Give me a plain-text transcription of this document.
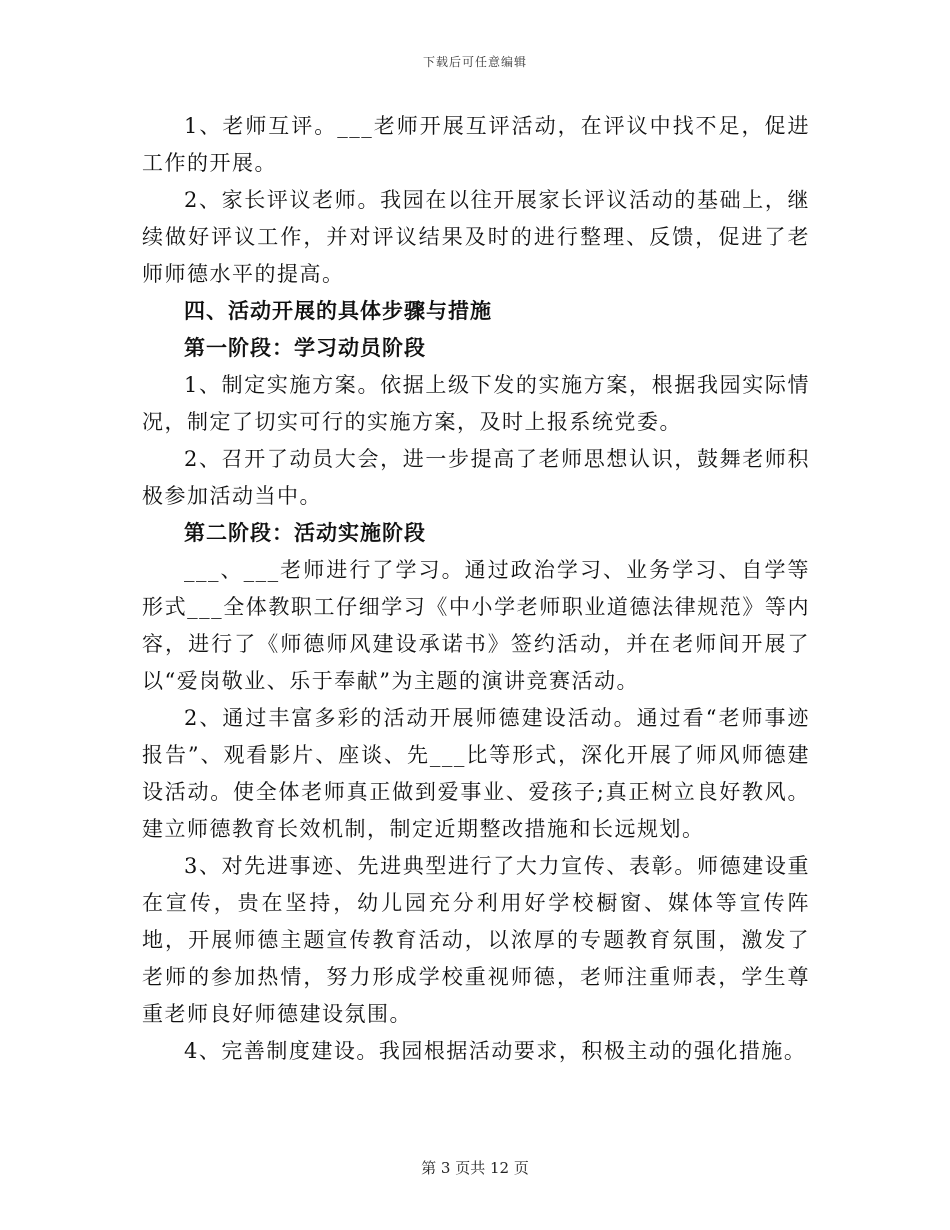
下载后可任意编辑

1、老师互评。___老师开展互评活动，在评议中找不足，促进工作的开展。

2、家长评议老师。我园在以往开展家长评议活动的基础上，继续做好评议工作，并对评议结果及时的进行整理、反馈，促进了老师师德水平的提高。

四、活动开展的具体步骤与措施

第一阶段：学习动员阶段

1、制定实施方案。依据上级下发的实施方案，根据我园实际情况，制定了切实可行的实施方案，及时上报系统党委。

2、召开了动员大会，进一步提高了老师思想认识，鼓舞老师积极参加活动当中。

第二阶段：活动实施阶段

___、___老师进行了学习。通过政治学习、业务学习、自学等形式___全体教职工仔细学习《中小学老师职业道德法律规范》等内容，进行了《师德师风建设承诺书》签约活动，并在老师间开展了以“爱岗敬业、乐于奉献”为主题的演讲竞赛活动。

2、通过丰富多彩的活动开展师德建设活动。通过看“老师事迹报告”、观看影片、座谈、先___比等形式，深化开展了师风师德建设活动。使全体老师真正做到爱事业、爱孩子;真正树立良好教风。建立师德教育长效机制，制定近期整改措施和长远规划。

3、对先进事迹、先进典型进行了大力宣传、表彰。师德建设重在宣传，贵在坚持，幼儿园充分利用好学校橱窗、媒体等宣传阵地，开展师德主题宣传教育活动，以浓厚的专题教育氛围，激发了老师的参加热情，努力形成学校重视师德，老师注重师表，学生尊重老师良好师德建设氛围。

4、完善制度建设。我园根据活动要求，积极主动的强化措施。

第 3 页共 12 页
